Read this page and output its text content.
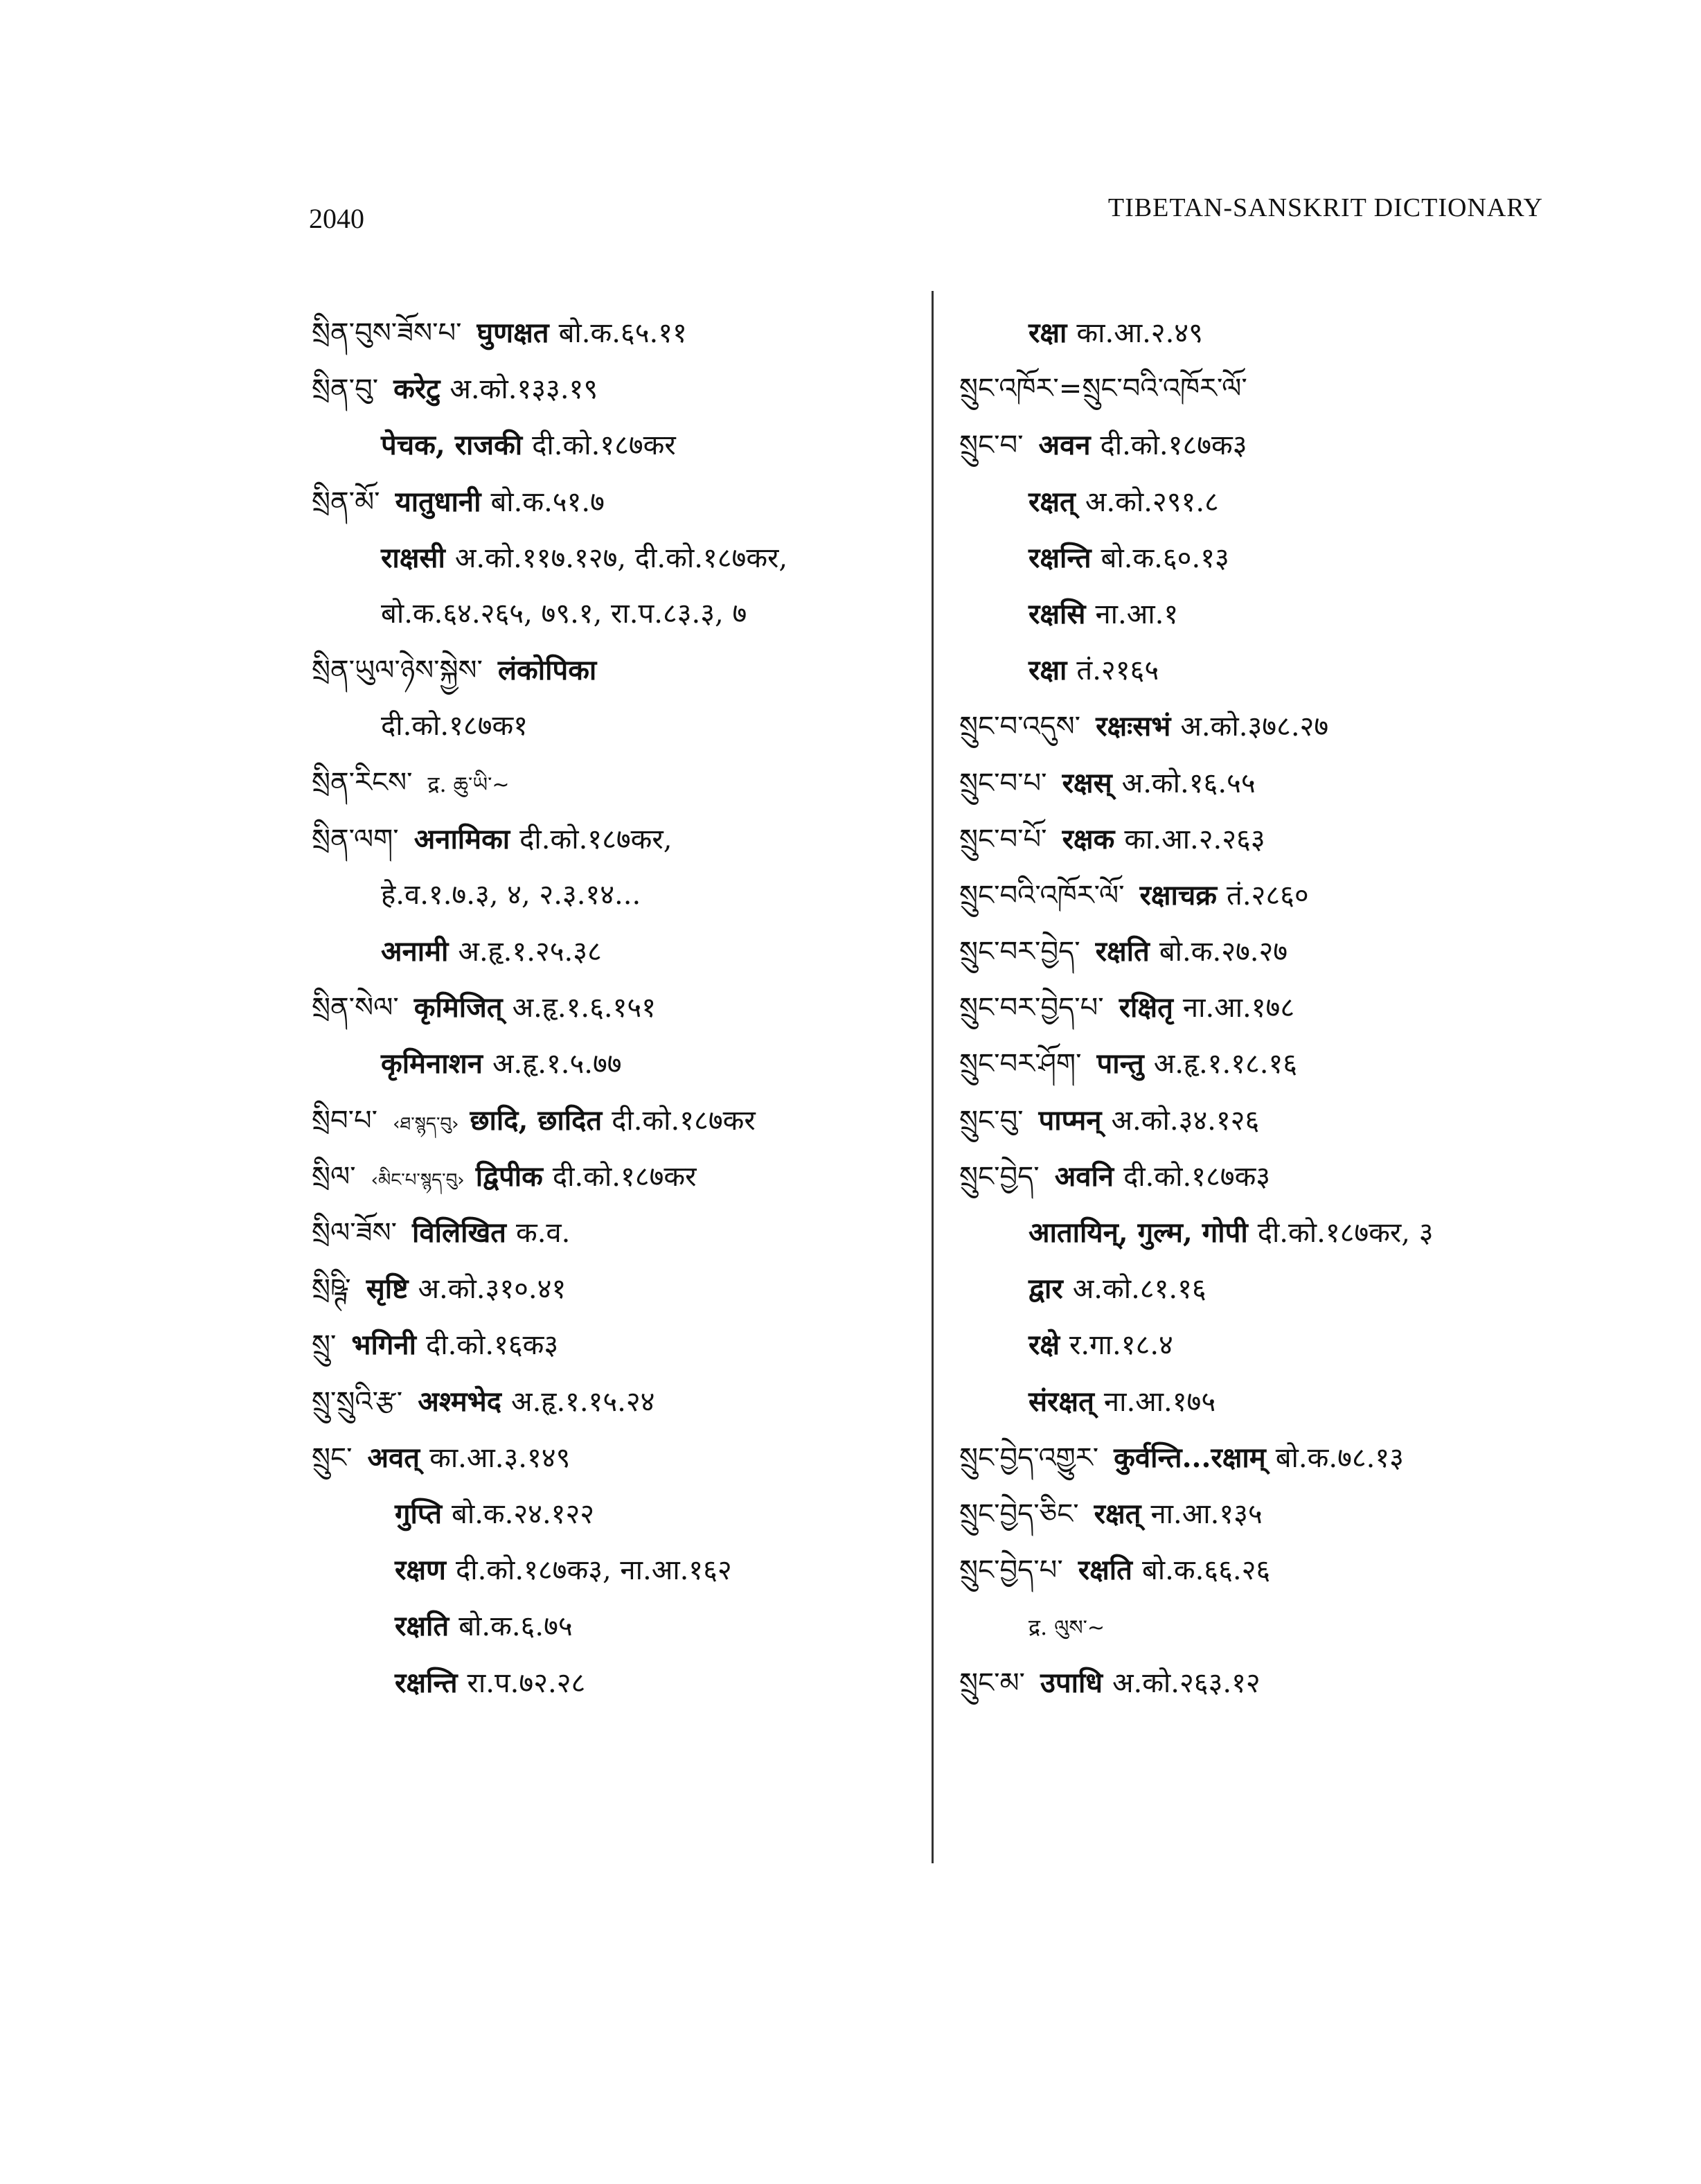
2040	TIBETAN-SANSKRIT DICTIONARY
སྲིན་བུས་ཟོས་པ་ घुणक्षत बो.क.६५.११
སྲིན་བུ་ करेटु अ.को.१३३.१९
पेचक, राजकी दी.को.१८७कर
སྲིན་མོ་ यातुधानी बो.क.५१.७
राक्षसी अ.को.११७.१२७, दी.को.१८७कर,
बो.क.६४.२६५, ७९.१, रा.प.८३.३, ७
སྲིན་ཡུལ་ཉེས་སྐྱེས་ लंकोपिका
दी.को.१८७क१
སྲིན་རིངས་ द्र. ཆུ་ཡི་~
སྲིན་ལག་ अनामिका दी.को.१८७कर,
हे.व.१.७.३, ४, २.३.१४...
अनामी अ.हृ.१.२५.३८
སྲིན་སེལ་ कृमिजित् अ.हृ.१.६.१५१
कृमिनाशन अ.हृ.१.५.७७
སྲིབ་པ་ ‹ཐ་སྙད་བུ› छादि, छादित दी.को.१८७कर
སྲིལ་ ‹མིང་པ་སྙད་བུ› द्विपीक दी.को.१८७कर
སྲིལ་ཟོས་ विलिखित क.व.
སྲིཥྚི་ सृष्टि अ.को.३१०.४१
སྲུ་ भगिनी दी.को.१६क३
སྲུ་སྲུའི་རྩ་ अश्मभेद अ.हृ.१.१५.२४
སྲུང་ अवत् का.आ.३.१४९
गुप्ति बो.क.२४.१२२
रक्षण दी.को.१८७क३, ना.आ.१६२
रक्षति बो.क.६.७५
रक्षन्ति रा.प.७२.२८
रक्षा का.आ.२.४९
སྲུང་འཁོར་=སྲུང་བའི་འཁོར་ལོ་
སྲུང་བ་ अवन दी.को.१८७क३
रक्षत् अ.को.२९१.८
रक्षन्ति बो.क.६०.१३
रक्षसि ना.आ.१
रक्षा तं.२१६५
སྲུང་བ་འདུས་ रक्षःसभं अ.को.३७८.२७
སྲུང་བ་པ་ रक्षस् अ.को.१६.५५
སྲུང་བ་པོ་ रक्षक का.आ.२.२६३
སྲུང་བའི་འཁོར་ལོ་ रक्षाचक्र तं.२८६०
སྲུང་བར་བྱེད་ रक्षति बो.क.२७.२७
སྲུང་བར་བྱེད་པ་ रक्षितृ ना.आ.१७८
སྲུང་བར་ཤོག་ पान्तु अ.हृ.१.१८.१६
སྲུང་བུ་ पाप्मन् अ.को.३४.१२६
སྲུང་བྱེད་ अवनि दी.को.१८७क३
आतायिन्, गुल्म, गोपी दी.को.१८७कर, ३
द्वार अ.को.८१.१६
रक्षे र.गा.१८.४
संरक्षत् ना.आ.१७५
སྲུང་བྱེད་འགྱུར་ कुर्वन्ति...रक्षाम् बो.क.७८.१३
སྲུང་བྱེད་ཅིང་ रक्षत् ना.आ.१३५
སྲུང་བྱེད་པ་ रक्षति बो.क.६६.२६
द्र. ལུས་~
སྲུང་མ་ उपाधि अ.को.२६३.१२
